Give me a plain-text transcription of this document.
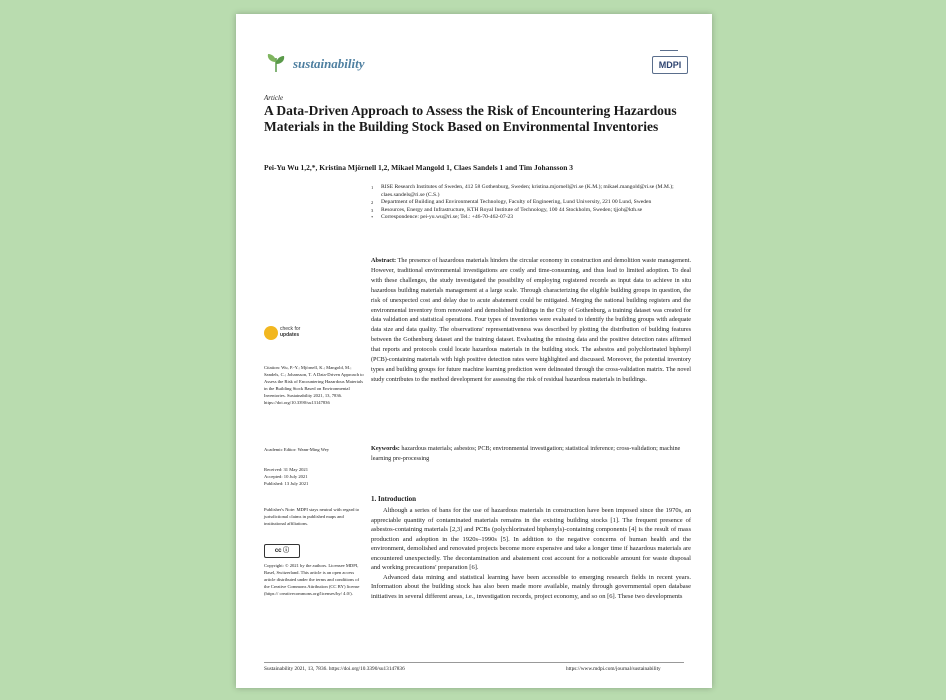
sustainability	MDPI
Article
A Data-Driven Approach to Assess the Risk of Encountering Hazardous Materials in the Building Stock Based on Environmental Inventories
Pei-Yu Wu 1,2,*, Kristina Mjörnell 1,2, Mikael Mangold 1, Claes Sandels 1 and Tim Johansson 3
1	RISE Research Institutes of Sweden, 412 58 Gothenburg, Sweden; kristina.mjornell@ri.se (K.M.); mikael.mangold@ri.se (M.M.); claes.sandels@ri.se (C.S.)
2	Department of Building and Environmental Technology, Faculty of Engineering, Lund University, 221 00 Lund, Sweden
3	Resources, Energy and Infrastructure, KTH Royal Institute of Technology, 100 44 Stockholm, Sweden; tjjoh@kth.se
*	Correspondence: pei-yu.wu@ri.se; Tel.: +46-70-462-07-23
Abstract: The presence of hazardous materials hinders the circular economy in construction and demolition waste management. However, traditional environmental investigations are costly and time-consuming, and thus lead to limited adoption. To deal with these challenges, the study investigated the possibility of employing registered records as input data to achieve in situ hazardous building materials management at a large scale. Through characterizing the eligible building groups in question, the risk of unexpected cost and delay due to acute abatement could be mitigated. Merging the national building registers and the environmental inventory from renovated and demolished buildings in the City of Gothenburg, a training dataset was created for data validation and statistical operations. Four types of inventories were evaluated to identify the building groups with adequate data size and data quality. The observations' representativeness was described by plotting the distribution of building features between the Gothenburg dataset and the training dataset. Evaluating the missing data and the positive detection rates affirmed that reports and protocols could locate hazardous materials in the building stock. The asbestos and polychlorinated biphenyl (PCB)-containing materials with high positive detection rates were highlighted and discussed. Moreover, the potential inventory types and building groups for future machine learning prediction were delineated through the cross-validation matrix. The novel study contributes to the method development for assessing the risk of residual hazardous materials in buildings.
Keywords: hazardous materials; asbestos; PCB; environmental investigation; statistical inference; cross-validation; machine learning pre-processing
check for
updates
Citation: Wu, P.-Y.; Mjörnell, K.; Mangold, M.; Sandels, C.; Johansson, T. A Data-Driven Approach to Assess the Risk of Encountering Hazardous Materials in the Building Stock Based on Environmental Inventories. Sustainability 2021, 13, 7836. https://doi.org/10.3390/su13147836
Academic Editor: Wann-Ming Wey
Received: 31 May 2021
Accepted: 10 July 2021
Published: 13 July 2021
Publisher's Note: MDPI stays neutral with regard to jurisdictional claims in published maps and institutional affiliations.
cc ⓘ
Copyright: © 2021 by the authors. Licensee MDPI, Basel, Switzerland. This article is an open access article distributed under the terms and conditions of the Creative Commons Attribution (CC BY) license (https:// creativecommons.org/licenses/by/ 4.0/).
1. Introduction

Although a series of bans for the use of hazardous materials in construction have been imposed since the 1970s, an appreciable quantity of contaminated materials remains in the existing building stocks [1]. The frequent presence of asbestos-containing materials [2,3] and PCBs (polychlorinated biphenyls)-containing components [4] is the result of mass production and adoption in the 1920s–1990s [5]. In addition to the negative concerns of human health and the environment, demolished and renovated projects become more expensive and take a longer time if hazardous materials are encountered unexpectedly. The decontamination and abatement cost account for a noticeable amount for waste disposal and working precautions' preparation [6].

Advanced data mining and statistical learning have been accessible to emerging research fields in recent years. Information about the building stock has also been made more available, mainly through governmental open database initiatives in several different areas, i.e., investigation records, project economy, and so on [6]. These two developments

Sustainability 2021, 13, 7836. https://doi.org/10.3390/su13147836	https://www.mdpi.com/journal/sustainability
